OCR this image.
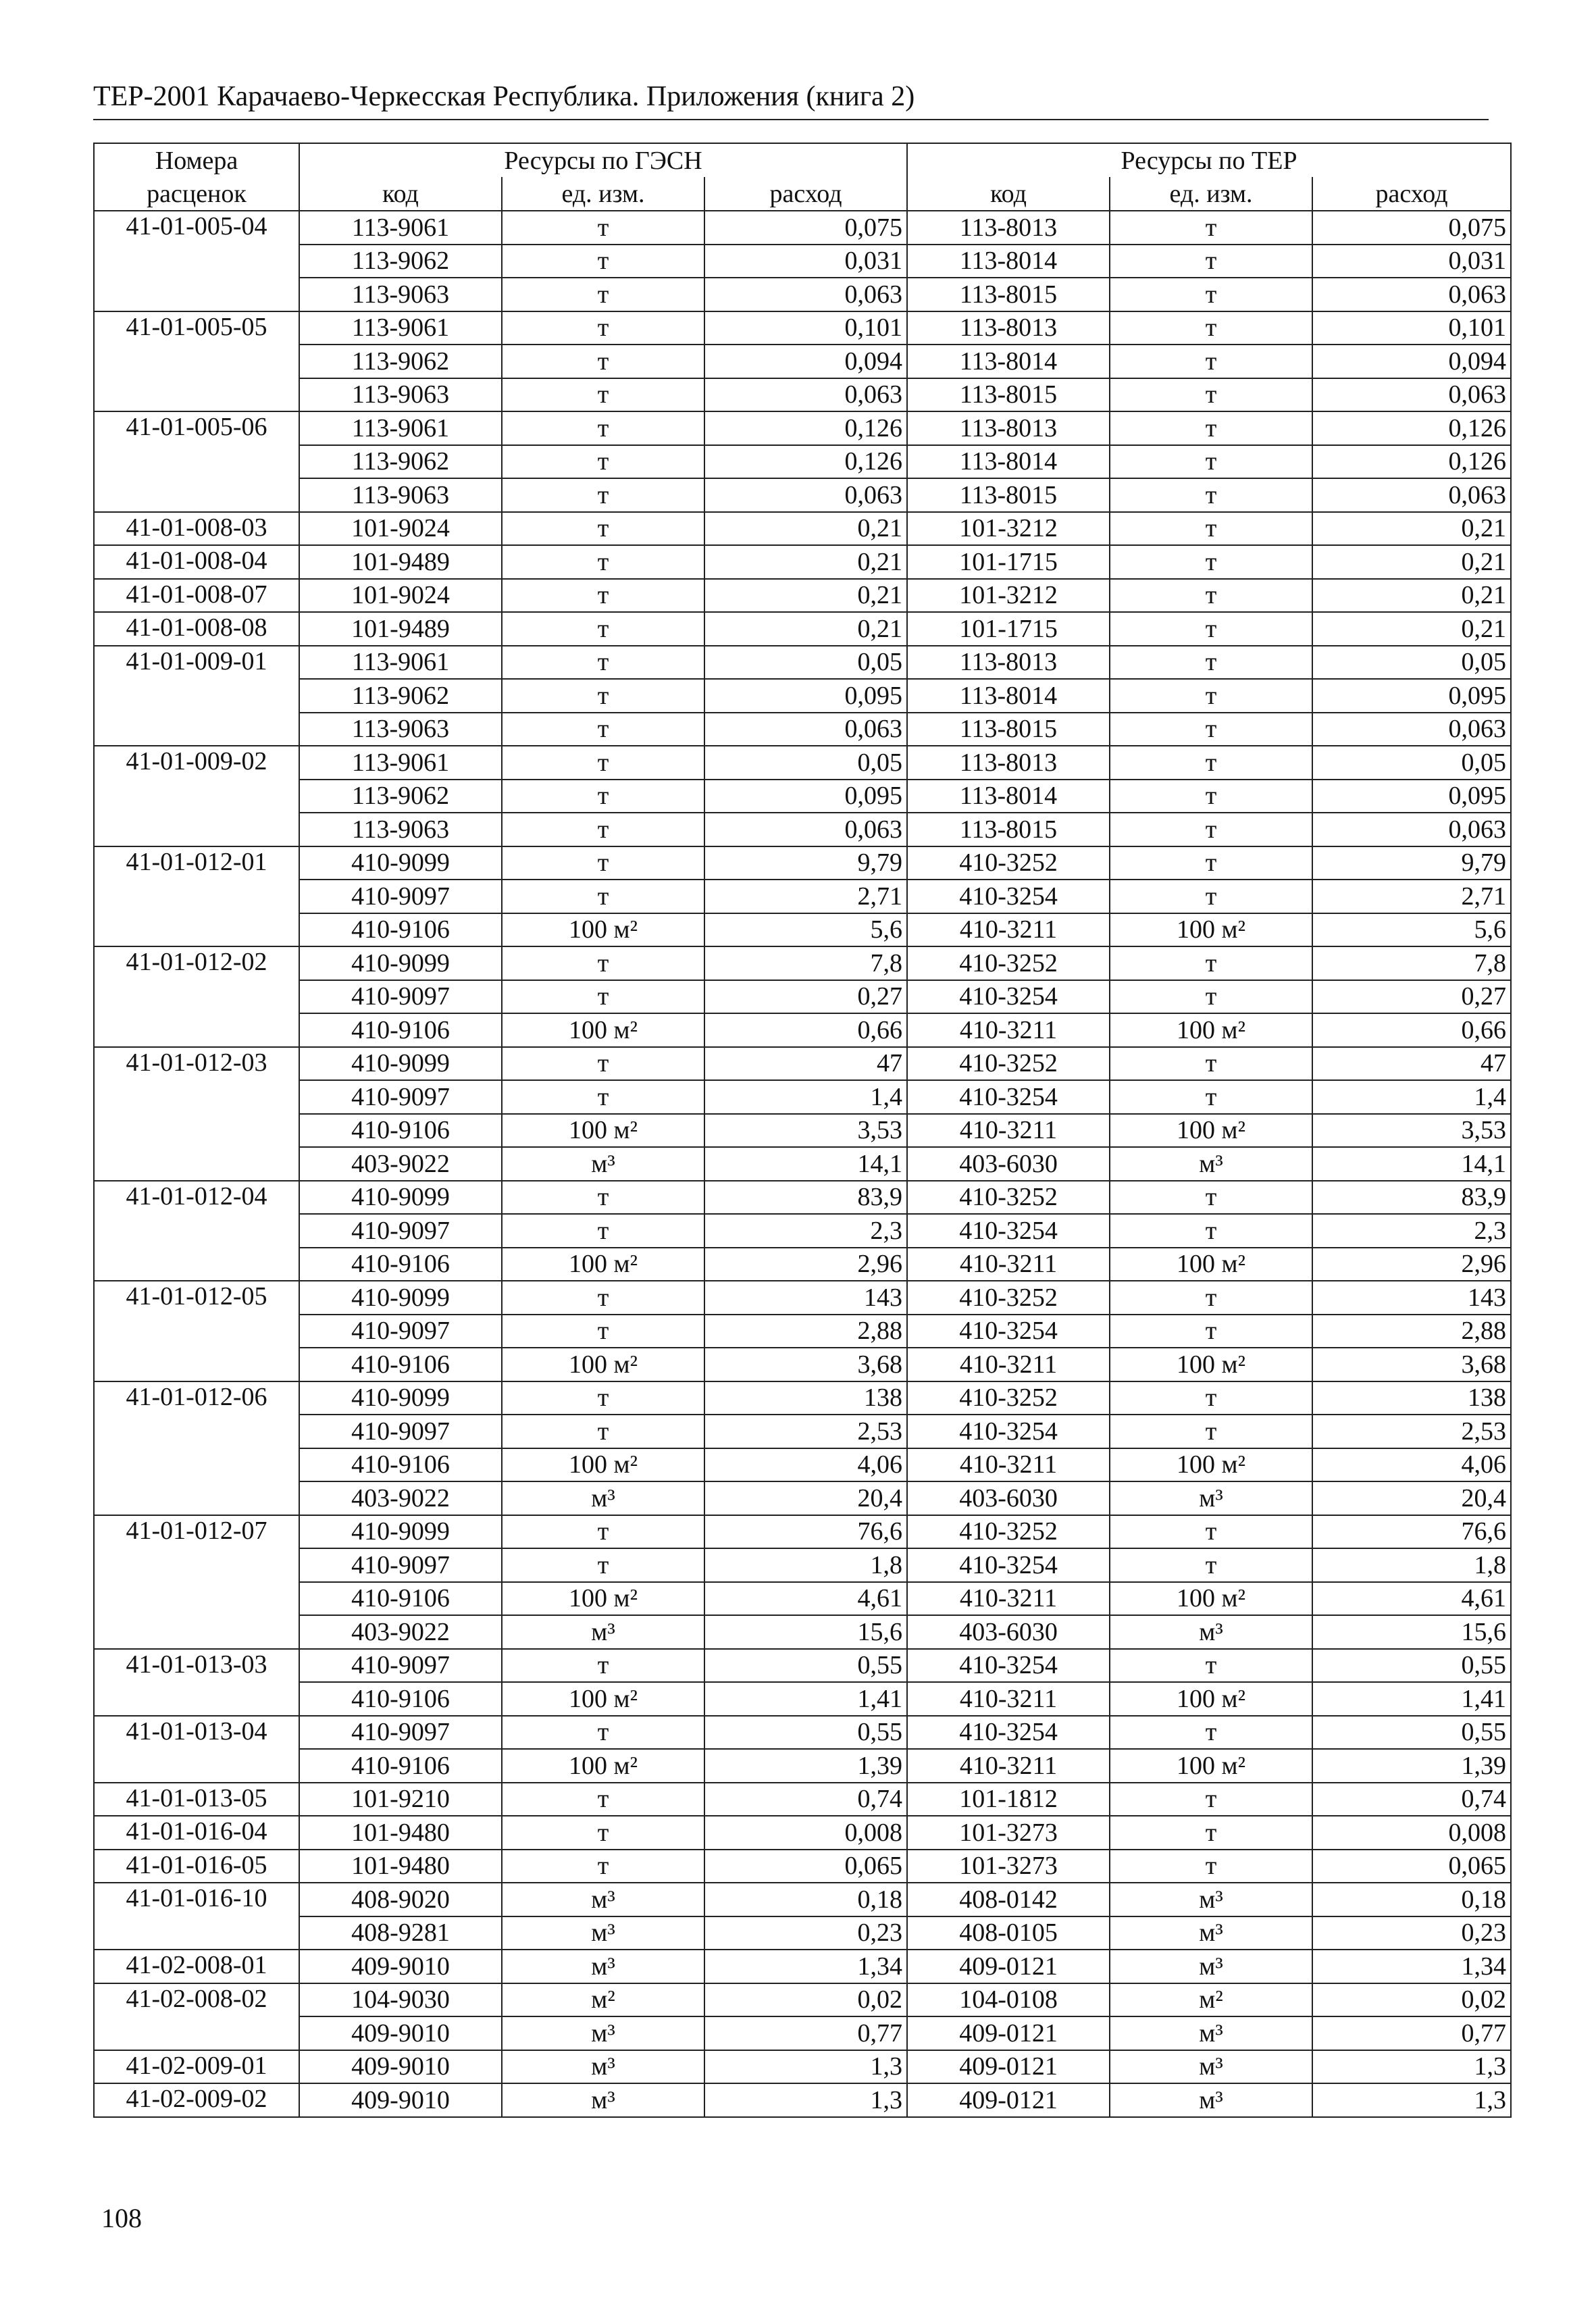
ТЕР-2001 Карачаево-Черкесская Республика. Приложения (книга 2)
Номера	Ресурсы по ГЭСН			Ресурсы по ТЕР		
расценок	код	ед. изм.	расход	код	ед. изм.	расход
41-01-005-04	113-9061	т	0,075	113-8013	т	0,075
	113-9062	т	0,031	113-8014	т	0,031
	113-9063	т	0,063	113-8015	т	0,063
41-01-005-05	113-9061	т	0,101	113-8013	т	0,101
	113-9062	т	0,094	113-8014	т	0,094
	113-9063	т	0,063	113-8015	т	0,063
41-01-005-06	113-9061	т	0,126	113-8013	т	0,126
	113-9062	т	0,126	113-8014	т	0,126
	113-9063	т	0,063	113-8015	т	0,063
41-01-008-03	101-9024	т	0,21	101-3212	т	0,21
41-01-008-04	101-9489	т	0,21	101-1715	т	0,21
41-01-008-07	101-9024	т	0,21	101-3212	т	0,21
41-01-008-08	101-9489	т	0,21	101-1715	т	0,21
41-01-009-01	113-9061	т	0,05	113-8013	т	0,05
	113-9062	т	0,095	113-8014	т	0,095
	113-9063	т	0,063	113-8015	т	0,063
41-01-009-02	113-9061	т	0,05	113-8013	т	0,05
	113-9062	т	0,095	113-8014	т	0,095
	113-9063	т	0,063	113-8015	т	0,063
41-01-012-01	410-9099	т	9,79	410-3252	т	9,79
	410-9097	т	2,71	410-3254	т	2,71
	410-9106	100 м²	5,6	410-3211	100 м²	5,6
41-01-012-02	410-9099	т	7,8	410-3252	т	7,8
	410-9097	т	0,27	410-3254	т	0,27
	410-9106	100 м²	0,66	410-3211	100 м²	0,66
41-01-012-03	410-9099	т	47	410-3252	т	47
	410-9097	т	1,4	410-3254	т	1,4
	410-9106	100 м²	3,53	410-3211	100 м²	3,53
	403-9022	м³	14,1	403-6030	м³	14,1
41-01-012-04	410-9099	т	83,9	410-3252	т	83,9
	410-9097	т	2,3	410-3254	т	2,3
	410-9106	100 м²	2,96	410-3211	100 м²	2,96
41-01-012-05	410-9099	т	143	410-3252	т	143
	410-9097	т	2,88	410-3254	т	2,88
	410-9106	100 м²	3,68	410-3211	100 м²	3,68
41-01-012-06	410-9099	т	138	410-3252	т	138
	410-9097	т	2,53	410-3254	т	2,53
	410-9106	100 м²	4,06	410-3211	100 м²	4,06
	403-9022	м³	20,4	403-6030	м³	20,4
41-01-012-07	410-9099	т	76,6	410-3252	т	76,6
	410-9097	т	1,8	410-3254	т	1,8
	410-9106	100 м²	4,61	410-3211	100 м²	4,61
	403-9022	м³	15,6	403-6030	м³	15,6
41-01-013-03	410-9097	т	0,55	410-3254	т	0,55
	410-9106	100 м²	1,41	410-3211	100 м²	1,41
41-01-013-04	410-9097	т	0,55	410-3254	т	0,55
	410-9106	100 м²	1,39	410-3211	100 м²	1,39
41-01-013-05	101-9210	т	0,74	101-1812	т	0,74
41-01-016-04	101-9480	т	0,008	101-3273	т	0,008
41-01-016-05	101-9480	т	0,065	101-3273	т	0,065
41-01-016-10	408-9020	м³	0,18	408-0142	м³	0,18
	408-9281	м³	0,23	408-0105	м³	0,23
41-02-008-01	409-9010	м³	1,34	409-0121	м³	1,34
41-02-008-02	104-9030	м²	0,02	104-0108	м²	0,02
	409-9010	м³	0,77	409-0121	м³	0,77
41-02-009-01	409-9010	м³	1,3	409-0121	м³	1,3
41-02-009-02	409-9010	м³	1,3	409-0121	м³	1,3
108
